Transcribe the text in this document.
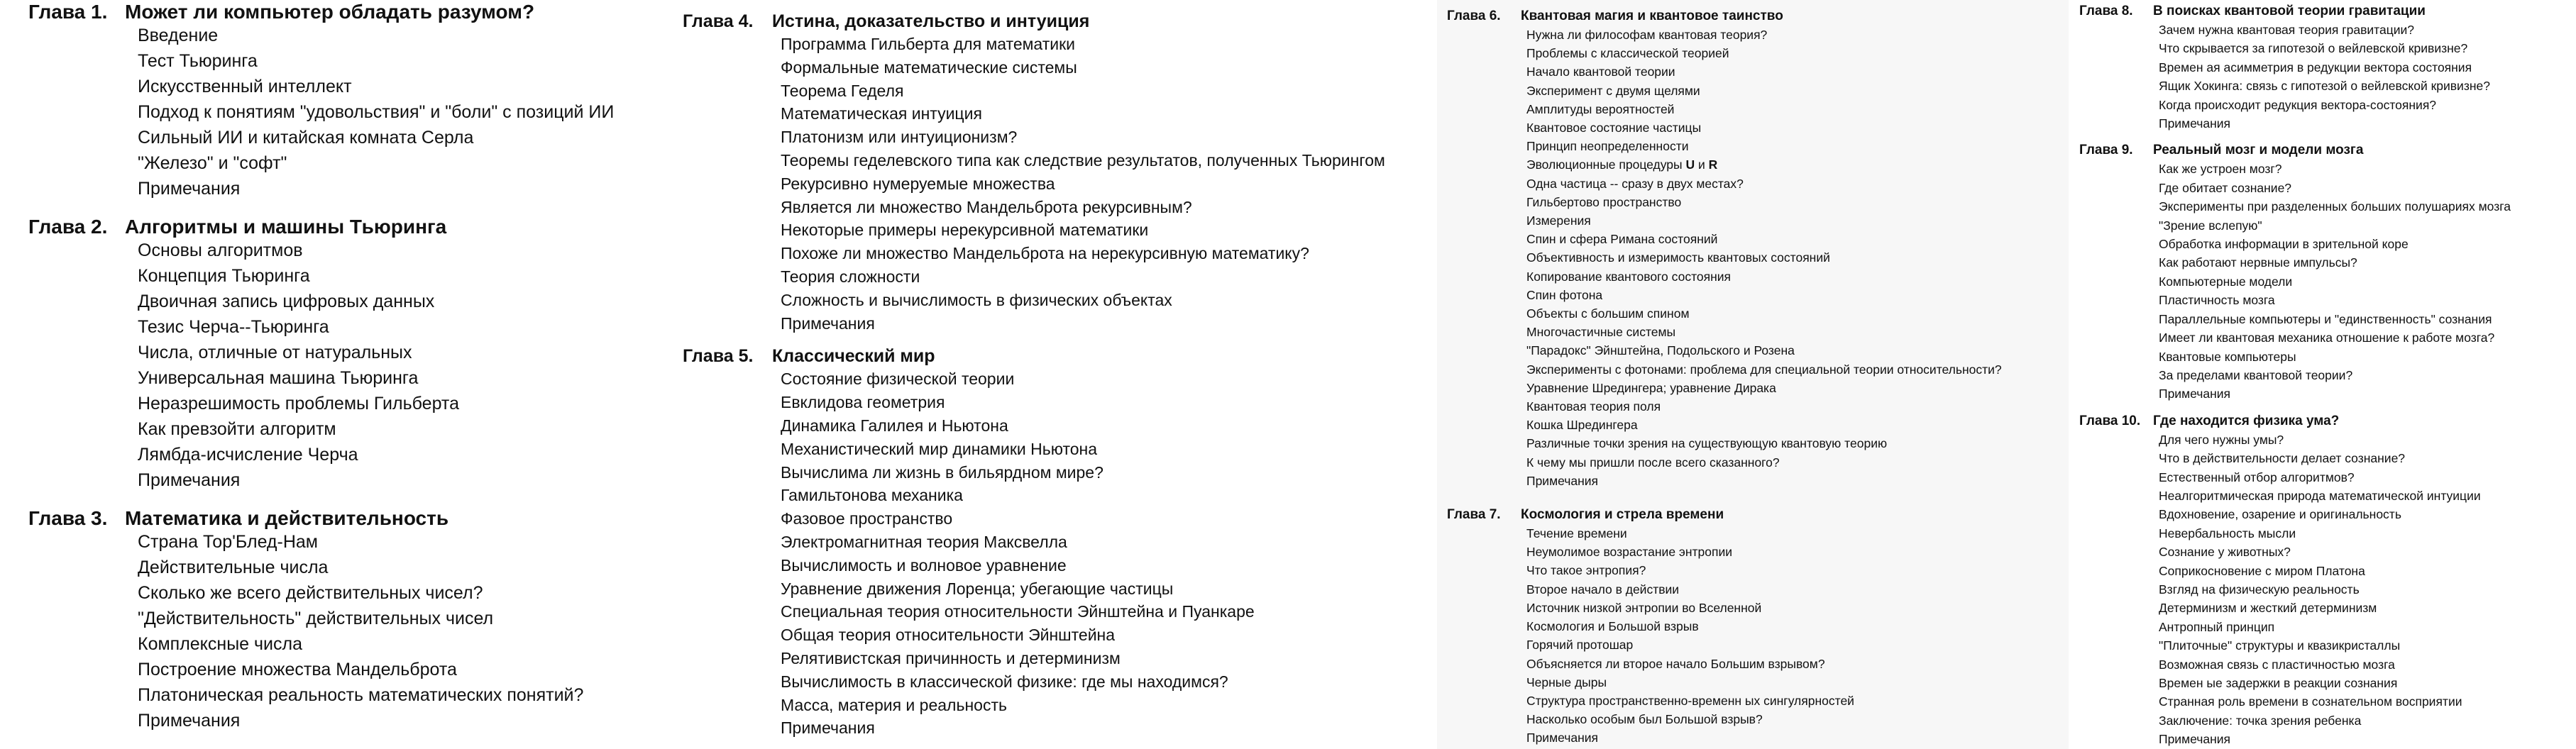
Глава 1. Может ли компьютер обладать разумом?
Введение
Тест Тьюринга
Искусственный интеллект
Подход к понятиям "удовольствия" и "боли" с позиций ИИ
Сильный ИИ и китайская комната Серла
"Железо" и "софт"
Примечания
Глава 2. Алгоритмы и машины Тьюринга
Основы алгоритмов
Концепция Тьюринга
Двоичная запись цифровых данных
Тезис Черча--Тьюринга
Числа, отличные от натуральных
Универсальная машина Тьюринга
Неразрешимость проблемы Гильберта
Как превзойти алгоритм
Лямбда-исчисление Черча
Примечания
Глава 3. Математика и действительность
Страна Тор'Блед-Нам
Действительные числа
Сколько же всего действительных чисел?
"Действительность" действительных чисел
Комплексные числа
Построение множества Мандельброта
Платоническая реальность математических понятий?
Примечания
Глава 4.	Истина, доказательство и интуиция
Программа Гильберта для математики
Формальные математические системы
Теорема Геделя
Математическая интуиция
Платонизм или интуиционизм?
Теоремы геделевского типа как следствие результатов, полученных Тьюрингом
Рекурсивно нумеруемые множества
Является ли множество Мандельброта рекурсивным?
Некоторые примеры нерекурсивной математики
Похоже ли множество Мандельброта на нерекурсивную математику?
Теория сложности
Сложность и вычислимость в физических объектах
Примечания
Глава 5.	Классический мир
Состояние физической теории
Евклидова геометрия
Динамика Галилея и Ньютона
Механистический мир динамики Ньютона
Вычислима ли жизнь в бильярдном мире?
Гамильтонова механика
Фазовое пространство
Электромагнитная теория Максвелла
Вычислимость и волновое уравнение
Уравнение движения Лоренца; убегающие частицы
Специальная теория относительности Эйнштейна и Пуанкаре
Общая теория относительности Эйнштейна
Релятивистская причинность и детерминизм
Вычислимость в классической физике: где мы находимся?
Масса, материя и реальность
Примечания
Глава 6.	Квантовая магия и квантовое таинство
Нужна ли философам квантовая теория?
Проблемы с классической теорией
Начало квантовой теории
Эксперимент с двумя щелями
Амплитуды вероятностей
Квантовое состояние частицы
Принцип неопределенности
Эволюционные процедуры U и R
Одна частица -- сразу в двух местах?
Гильбертово пространство
Измерения
Спин и сфера Римана состояний
Объективность и измеримость квантовых состояний
Копирование квантового состояния
Спин фотона
Объекты с большим спином
Многочастичные системы
"Парадокс" Эйнштейна, Подольского и Розена
Эксперименты с фотонами: проблема для специальной теории относительности?
Уравнение Шредингера; уравнение Дирака
Квантовая теория поля
Кошка Шредингера
Различные точки зрения на существующую квантовую теорию
К чему мы пришли после всего сказанного?
Примечания
Глава 7.	Космология и стрела времени
Течение времени
Неумолимое возрастание энтропии
Что такое энтропия?
Второе начало в действии
Источник низкой энтропии во Вселенной
Космология и Большой взрыв
Горячий протошар
Объясняется ли второе начало Большим взрывом?
Черные дыры
Структура пространственно-временн ых сингулярностей
Насколько особым был Большой взрыв?
Примечания
Глава 8.	В поисках квантовой теории гравитации
Зачем нужна квантовая теория гравитации?
Что скрывается за гипотезой о вейлевской кривизне?
Времен ая асимметрия в редукции вектора состояния
Ящик Хокинга: связь с гипотезой о вейлевской кривизне?
Когда происходит редукция вектора-состояния?
Примечания
Глава 9.	Реальный мозг и модели мозга
Как же устроен мозг?
Где обитает сознание?
Эксперименты при разделенных больших полушариях мозга
"Зрение вслепую"
Обработка информации в зрительной коре
Как работают нервные импульсы?
Компьютерные модели
Пластичность мозга
Параллельные компьютеры и "единственность" сознания
Имеет ли квантовая механика отношение к работе мозга?
Квантовые компьютеры
За пределами квантовой теории?
Примечания
Глава 10. Где находится физика ума?
Для чего нужны умы?
Что в действительности делает сознание?
Естественный отбор алгоритмов?
Неалгоритмическая природа математической интуиции
Вдохновение, озарение и оригинальность
Невербальность мысли
Сознание у животных?
Соприкосновение с миром Платона
Взгляд на физическую реальность
Детерминизм и жесткий детерминизм
Антропный принцип
"Плиточные" структуры и квазикристаллы
Возможная связь с пластичностью мозга
Времен ые задержки в реакции сознания
Странная роль времени в сознательном восприятии
Заключение: точка зрения ребенка
Примечания
